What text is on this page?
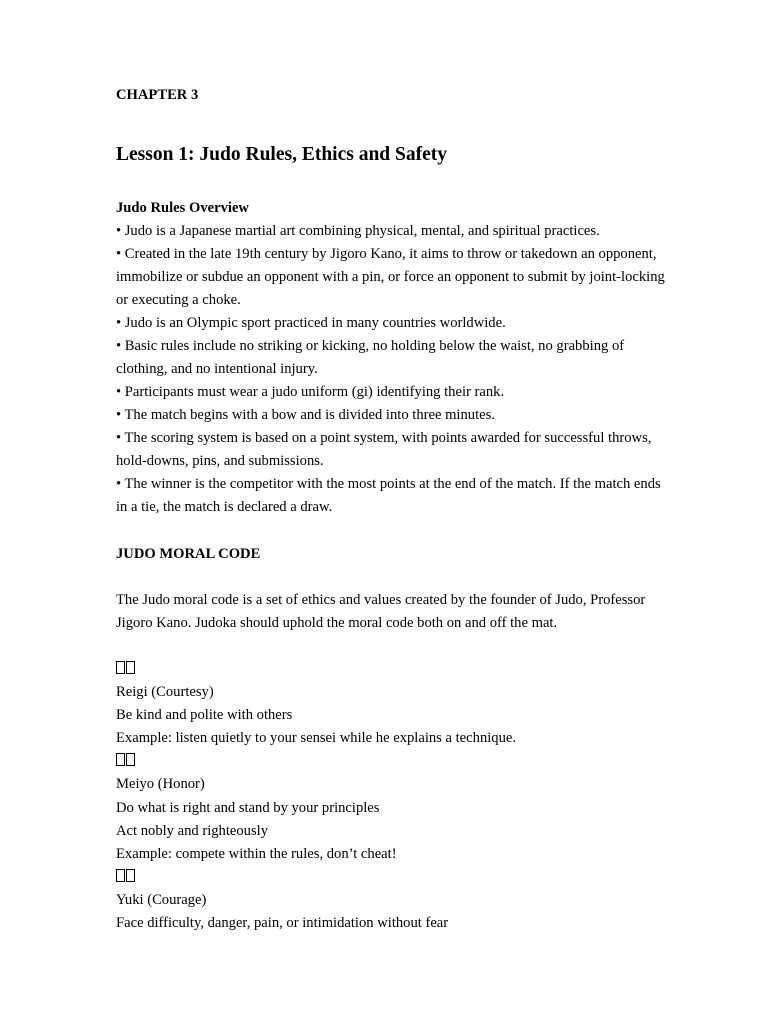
CHAPTER 3
Lesson 1: Judo Rules, Ethics and Safety
Judo Rules Overview
• Judo is a Japanese martial art combining physical, mental, and spiritual practices.
• Created in the late 19th century by Jigoro Kano, it aims to throw or takedown an opponent,
immobilize or subdue an opponent with a pin, or force an opponent to submit by joint-locking
or executing a choke.
• Judo is an Olympic sport practiced in many countries worldwide.
• Basic rules include no striking or kicking, no holding below the waist, no grabbing of
clothing, and no intentional injury.
• Participants must wear a judo uniform (gi) identifying their rank.
• The match begins with a bow and is divided into three minutes.
• The scoring system is based on a point system, with points awarded for successful throws,
hold-downs, pins, and submissions.
• The winner is the competitor with the most points at the end of the match. If the match ends
in a tie, the match is declared a draw.
JUDO MORAL CODE
The Judo moral code is a set of ethics and values created by the founder of Judo, Professor
Jigoro Kano. Judoka should uphold the moral code both on and off the mat.
Reigi (Courtesy)
Be kind and polite with others
Example: listen quietly to your sensei while he explains a technique.
Meiyo (Honor)
Do what is right and stand by your principles
Act nobly and righteously
Example: compete within the rules, don’t cheat!
Yuki (Courage)
Face difficulty, danger, pain, or intimidation without fear
